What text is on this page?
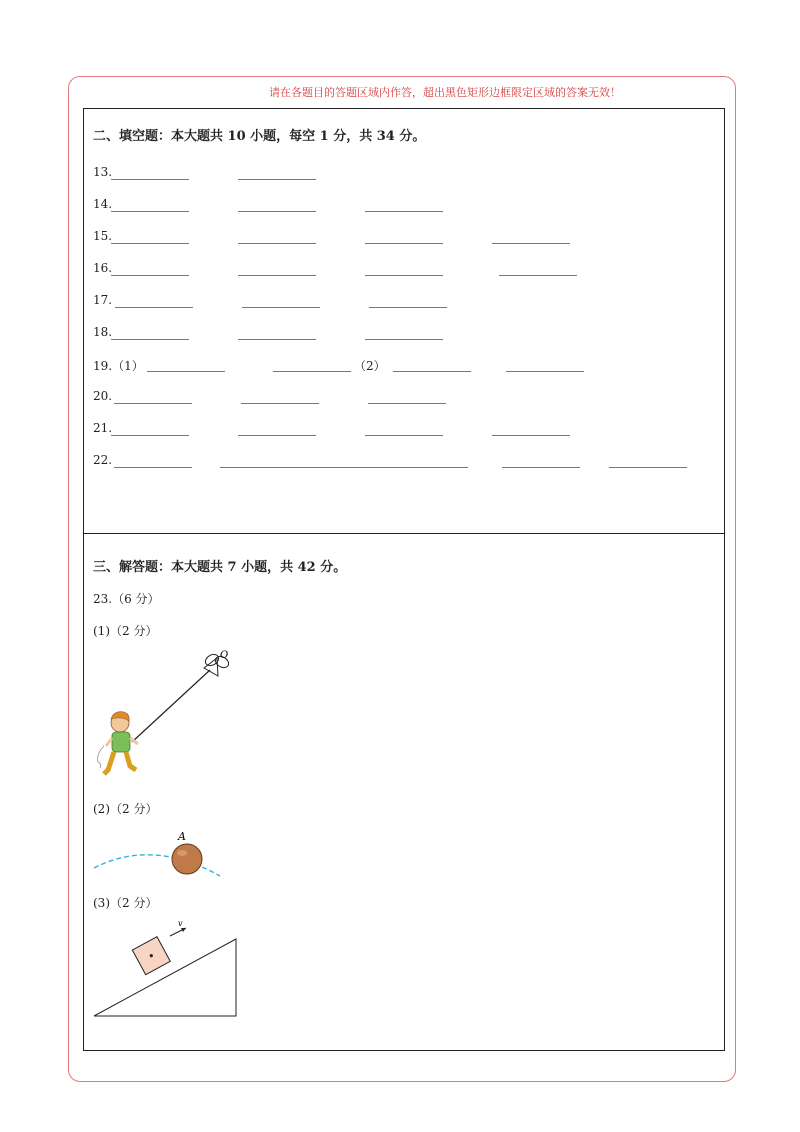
请在各题目的答题区域内作答，超出黑色矩形边框限定区域的答案无效！
二、填空题：本大题共 10 小题，每空 1 分，共 34 分。
13.
14.
15.
16.
17.
18.
19.（1）	（2）
20.
21.
22.
三、解答题：本大题共 7 小题，共 42 分。
23.（6 分）
(1)（2 分）
O
(2)（2 分）
A
(3)（2 分）
v
